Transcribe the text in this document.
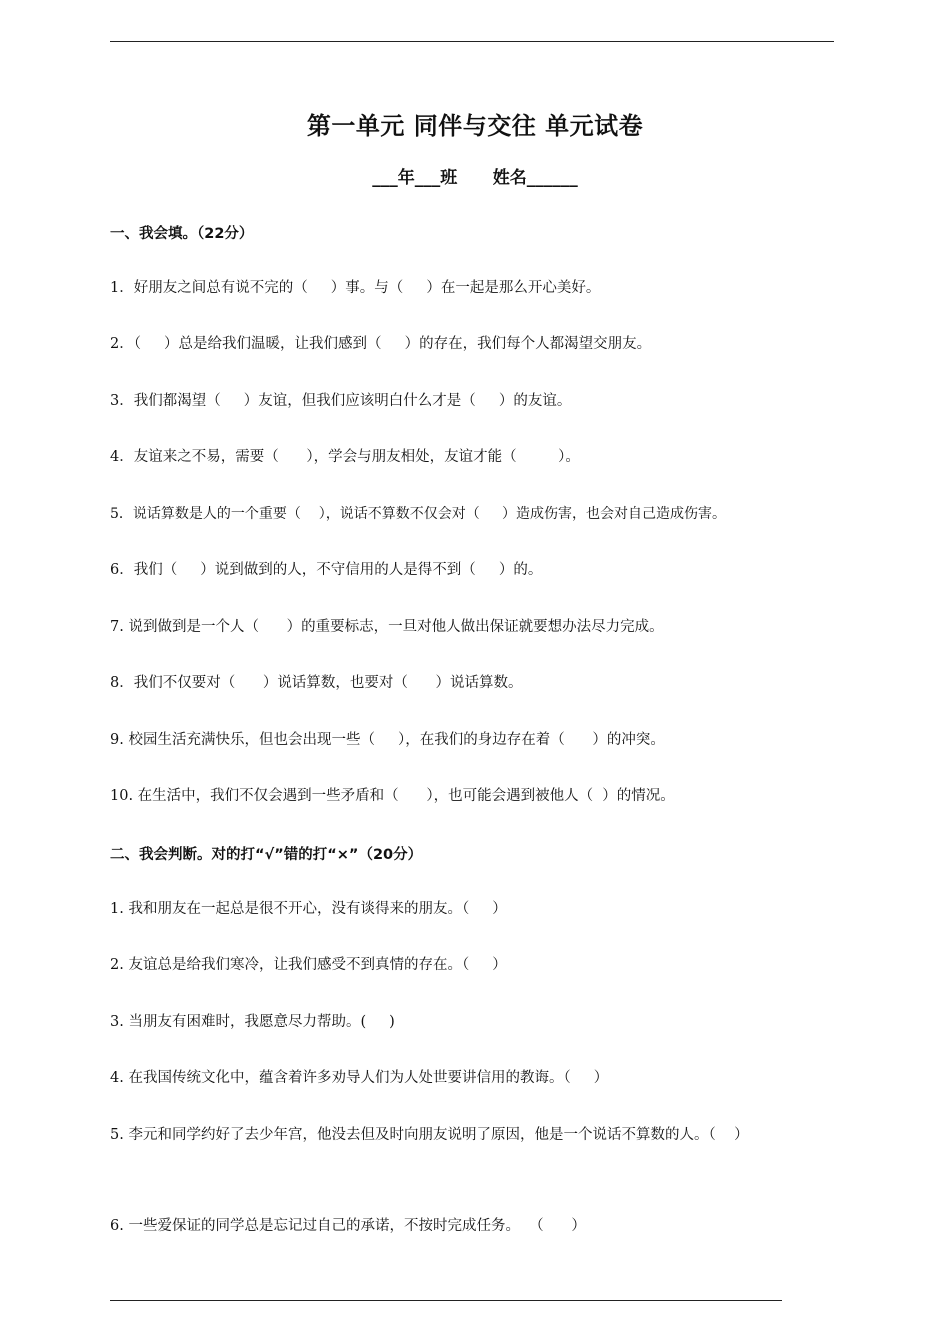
第一单元 同伴与交往 单元试卷
___年___班      姓名______
一、我会填。（22分）
1．好朋友之间总有说不完的（     ）事。与（     ）在一起是那么开心美好。
2．（     ）总是给我们温暖，让我们感到（     ）的存在，我们每个人都渴望交朋友。
3．我们都渴望（     ）友谊，但我们应该明白什么才是（     ）的友谊。
4．友谊来之不易，需要（      ），学会与朋友相处，友谊才能（         ）。
5．说话算数是人的一个重要（    ），说话不算数不仅会对（     ）造成伤害，也会对自己造成伤害。
6．我们（     ）说到做到的人，不守信用的人是得不到（     ）的。
7. 说到做到是一个人（      ）的重要标志，一旦对他人做出保证就要想办法尽力完成。
8．我们不仅要对（      ）说话算数，也要对（      ）说话算数。
9. 校园生活充满快乐，但也会出现一些（     ），在我们的身边存在着（      ）的冲突。
10. 在生活中，我们不仅会遇到一些矛盾和（      ），也可能会遇到被他人（  ）的情况。
二、我会判断。对的打“√”错的打“×”（20分）
1. 我和朋友在一起总是很不开心，没有谈得来的朋友。（     ）
2. 友谊总是给我们寒冷，让我们感受不到真情的存在。（     ）
3. 当朋友有困难时，我愿意尽力帮助。(     )
4. 在我国传统文化中，蕴含着许多劝导人们为人处世要讲信用的教诲。（     ）
5. 李元和同学约好了去少年宫，他没去但及时向朋友说明了原因，他是一个说话不算数的人。（    ）
6. 一些爱保证的同学总是忘记过自己的承诺，不按时完成任务。  （      ）
